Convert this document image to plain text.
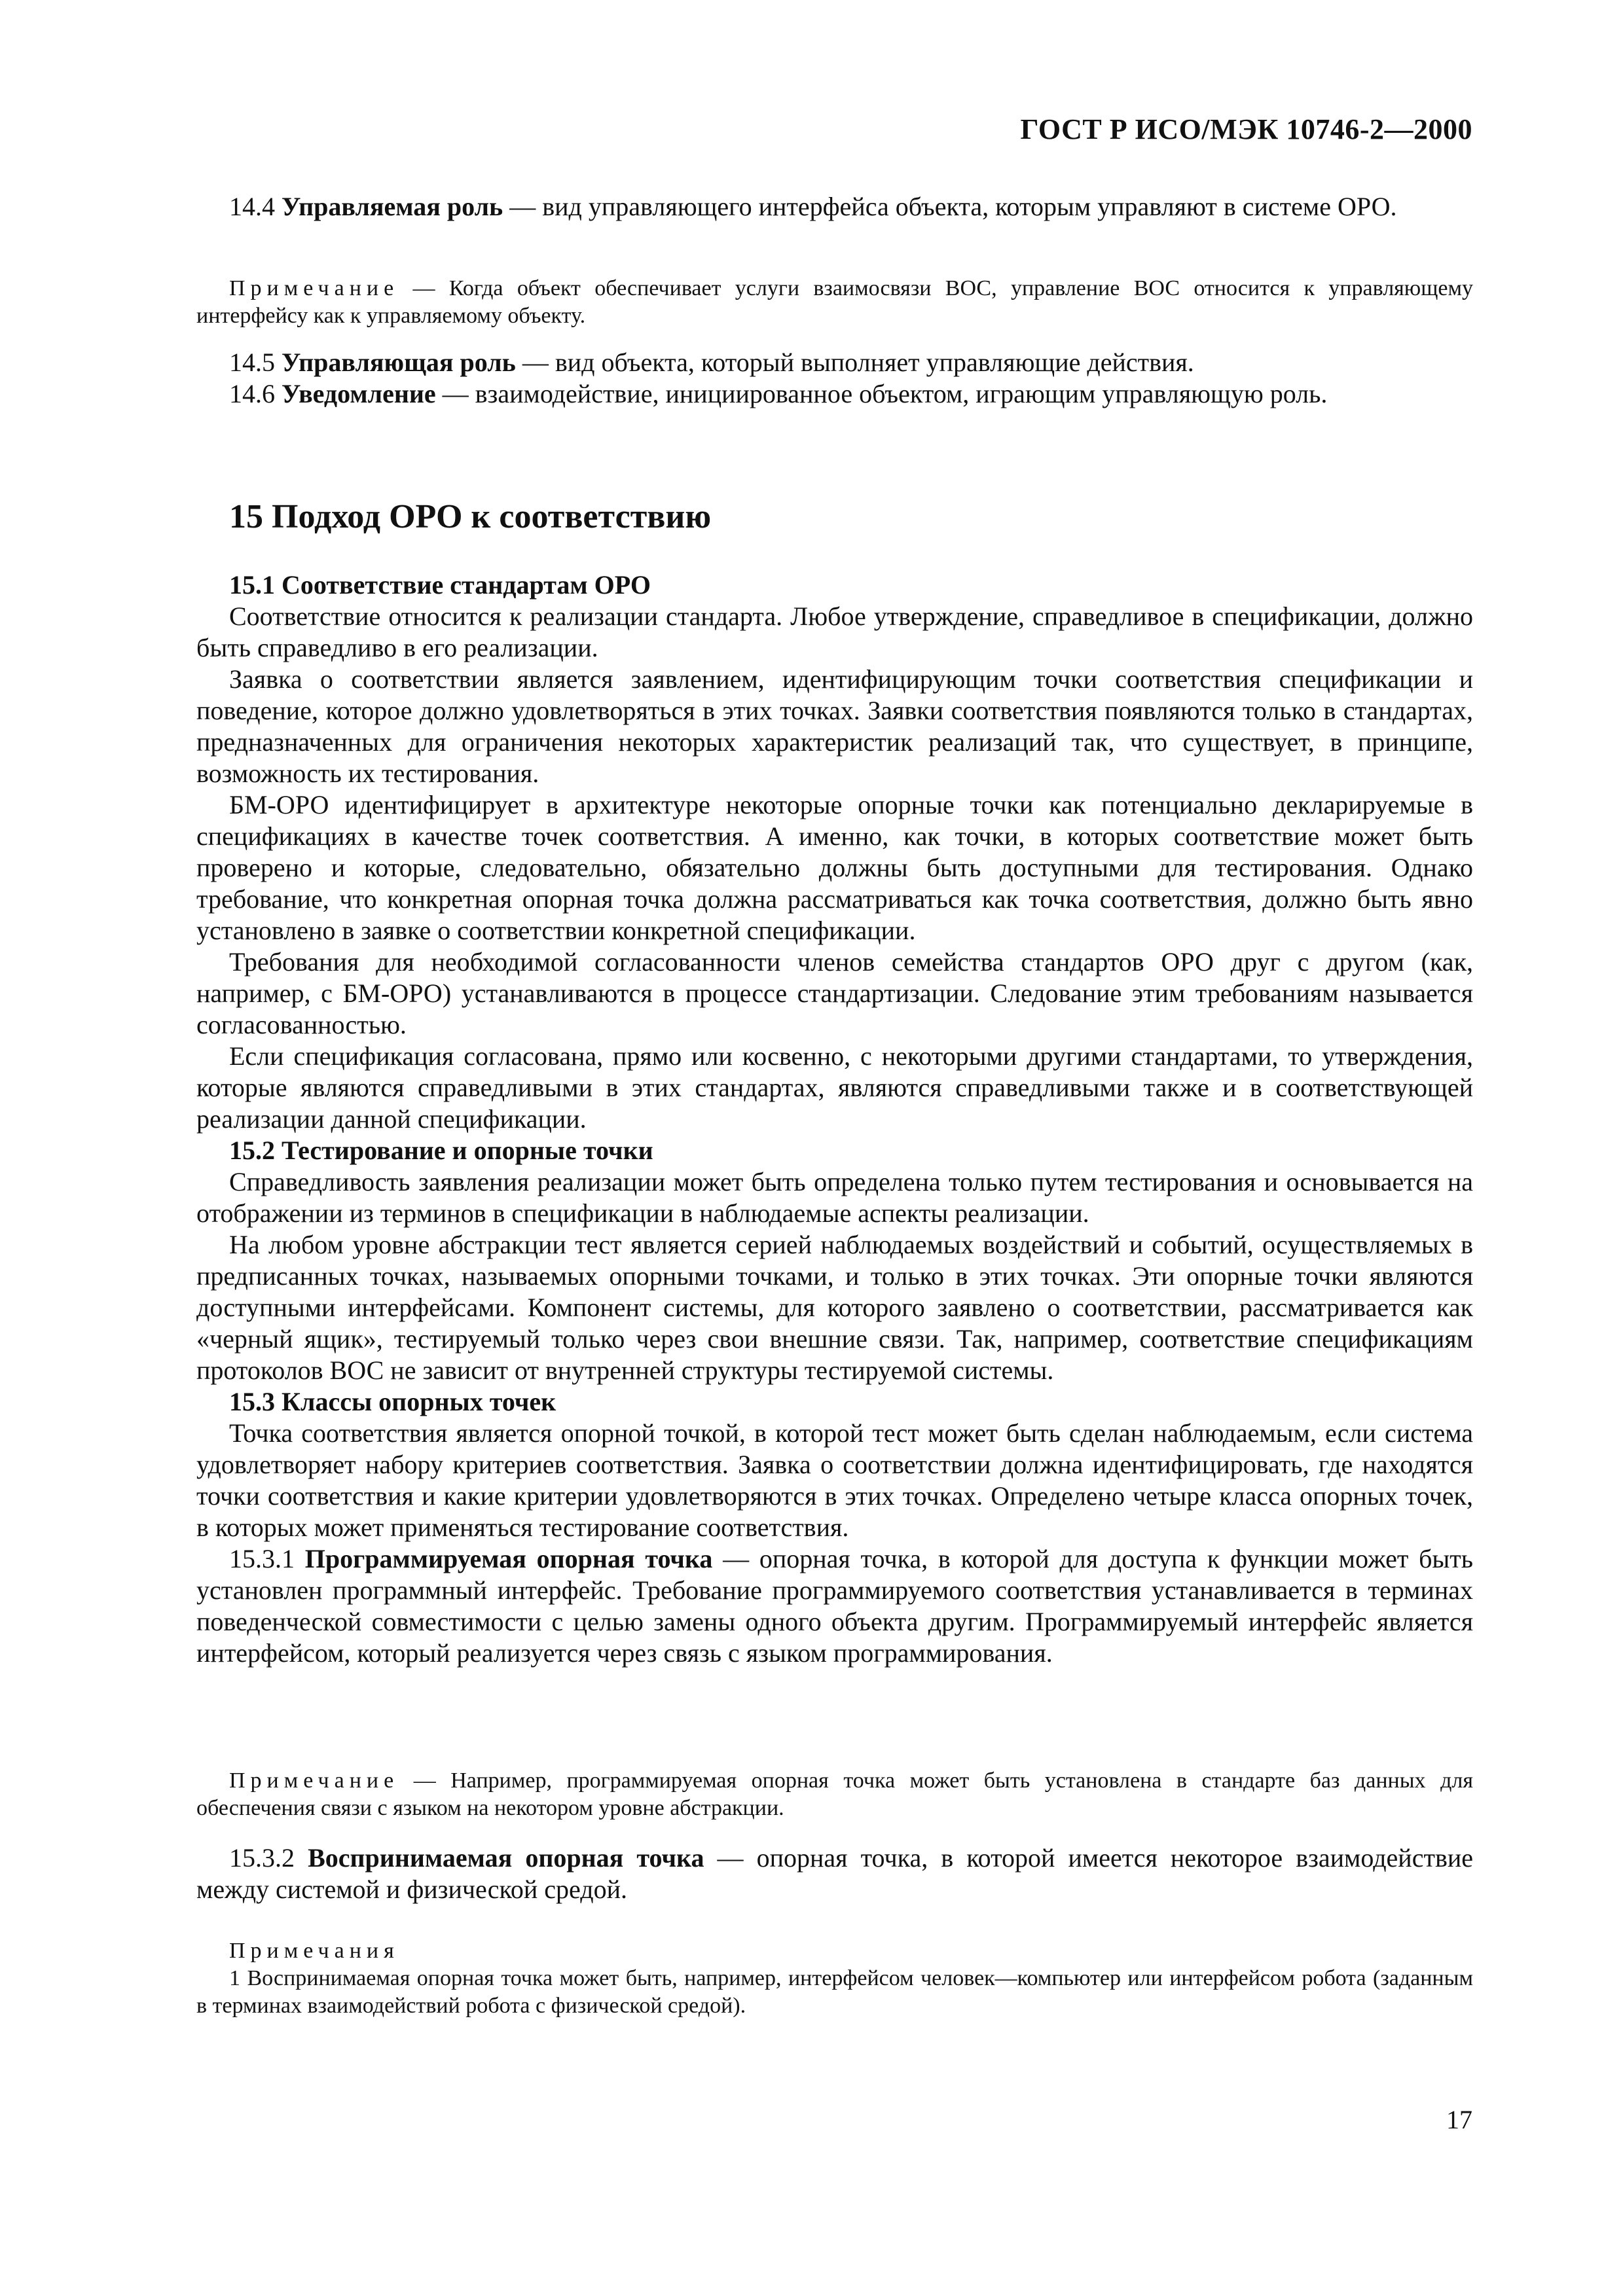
ГОСТ Р ИСО/МЭК 10746-2—2000

14.4 Управляемая роль — вид управляющего интерфейса объекта, которым управляют в системе ОРО.

Примечание — Когда объект обеспечивает услуги взаимосвязи ВОС, управление ВОС относится к управляющему интерфейсу как к управляемому объекту.

14.5 Управляющая роль — вид объекта, который выполняет управляющие действия.

14.6 Уведомление — взаимодействие, инициированное объектом, играющим управляющую роль.

15 Подход ОРО к соответствию

15.1 Соответствие стандартам ОРО

Соответствие относится к реализации стандарта. Любое утверждение, справедливое в спецификации, должно быть справедливо в его реализации.

Заявка о соответствии является заявлением, идентифицирующим точки соответствия спецификации и поведение, которое должно удовлетворяться в этих точках. Заявки соответствия появляются только в стандартах, предназначенных для ограничения некоторых характеристик реализаций так, что существует, в принципе, возможность их тестирования.

БМ-ОРО идентифицирует в архитектуре некоторые опорные точки как потенциально декларируемые в спецификациях в качестве точек соответствия. А именно, как точки, в которых соответствие может быть проверено и которые, следовательно, обязательно должны быть доступными для тестирования. Однако требование, что конкретная опорная точка должна рассматриваться как точка соответствия, должно быть явно установлено в заявке о соответствии конкретной спецификации.

Требования для необходимой согласованности членов семейства стандартов ОРО друг с другом (как, например, с БМ-ОРО) устанавливаются в процессе стандартизации. Следование этим требованиям называется согласованностью.

Если спецификация согласована, прямо или косвенно, с некоторыми другими стандартами, то утверждения, которые являются справедливыми в этих стандартах, являются справедливыми также и в соответствующей реализации данной спецификации.

15.2 Тестирование и опорные точки

Справедливость заявления реализации может быть определена только путем тестирования и основывается на отображении из терминов в спецификации в наблюдаемые аспекты реализации.

На любом уровне абстракции тест является серией наблюдаемых воздействий и событий, осуществляемых в предписанных точках, называемых опорными точками, и только в этих точках. Эти опорные точки являются доступными интерфейсами. Компонент системы, для которого заявлено о соответствии, рассматривается как «черный ящик», тестируемый только через свои внешние связи. Так, например, соответствие спецификациям протоколов ВОС не зависит от внутренней структуры тестируемой системы.

15.3 Классы опорных точек

Точка соответствия является опорной точкой, в которой тест может быть сделан наблюдаемым, если система удовлетворяет набору критериев соответствия. Заявка о соответствии должна идентифицировать, где находятся точки соответствия и какие критерии удовлетворяются в этих точках. Определено четыре класса опорных точек, в которых может применяться тестирование соответствия.

15.3.1 Программируемая опорная точка — опорная точка, в которой для доступа к функции может быть установлен программный интерфейс. Требование программируемого соответствия устанавливается в терминах поведенческой совместимости с целью замены одного объекта другим. Программируемый интерфейс является интерфейсом, который реализуется через связь с языком программирования.

Примечание — Например, программируемая опорная точка может быть установлена в стандарте баз данных для обеспечения связи с языком на некотором уровне абстракции.

15.3.2 Воспринимаемая опорная точка — опорная точка, в которой имеется некоторое взаимодействие между системой и физической средой.

Примечания

1 Воспринимаемая опорная точка может быть, например, интерфейсом человек—компьютер или интерфейсом робота (заданным в терминах взаимодействий робота с физической средой).

17
